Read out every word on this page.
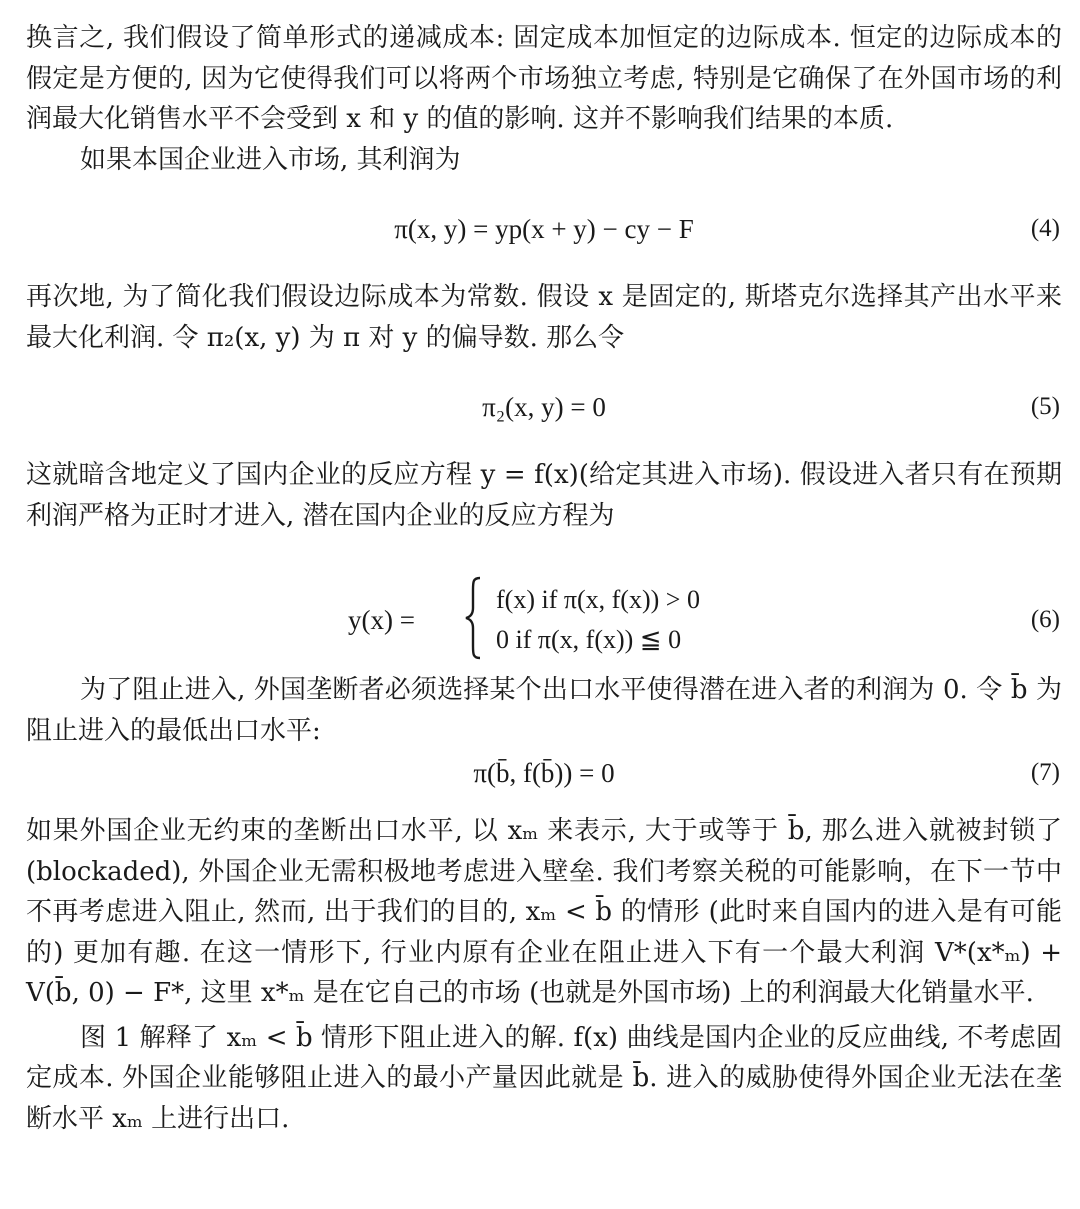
换言之, 我们假设了简单形式的递减成本: 固定成本加恒定的边际成本. 恒定的边际成本的假定是方便的, 因为它使得我们可以将两个市场独立考虑, 特别是它确保了在外国市场的利润最大化销售水平不会受到 x 和 y 的值的影响. 这并不影响我们结果的本质.

如果本国企业进入市场, 其利润为

π(x, y) = yp(x + y) − cy − F	(4)

再次地, 为了简化我们假设边际成本为常数. 假设 x 是固定的, 斯塔克尔选择其产出水平来最大化利润. 令 π₂(x, y) 为 π 对 y 的偏导数. 那么令

π₂(x, y) = 0	(5)

这就暗含地定义了国内企业的反应方程 y = f(x)(给定其进入市场). 假设进入者只有在预期利润严格为正时才进入, 潜在国内企业的反应方程为

y(x) =
f(x) if π(x, f(x)) > 0
0 if π(x, f(x)) ≦ 0
(6)

为了阻止进入, 外国垄断者必须选择某个出口水平使得潜在进入者的利润为 0. 令 b̄ 为阻止进入的最低出口水平:

π(b̄, f(b̄)) = 0	(7)

如果外国企业无约束的垄断出口水平, 以 xₘ 来表示, 大于或等于 b̄, 那么进入就被封锁了 (blockaded), 外国企业无需积极地考虑进入壁垒. 我们考察关税的可能影响，在下一节中不再考虑进入阻止, 然而, 出于我们的目的, xₘ < b̄ 的情形 (此时来自国内的进入是有可能的) 更加有趣. 在这一情形下, 行业内原有企业在阻止进入下有一个最大利润 V*(x*ₘ) + V(b̄, 0) − F*, 这里 x*ₘ 是在它自己的市场 (也就是外国市场) 上的利润最大化销量水平.

图 1 解释了 xₘ < b̄ 情形下阻止进入的解. f(x) 曲线是国内企业的反应曲线, 不考虑固定成本. 外国企业能够阻止进入的最小产量因此就是 b̄. 进入的威胁使得外国企业无法在垄断水平 xₘ 上进行出口.
